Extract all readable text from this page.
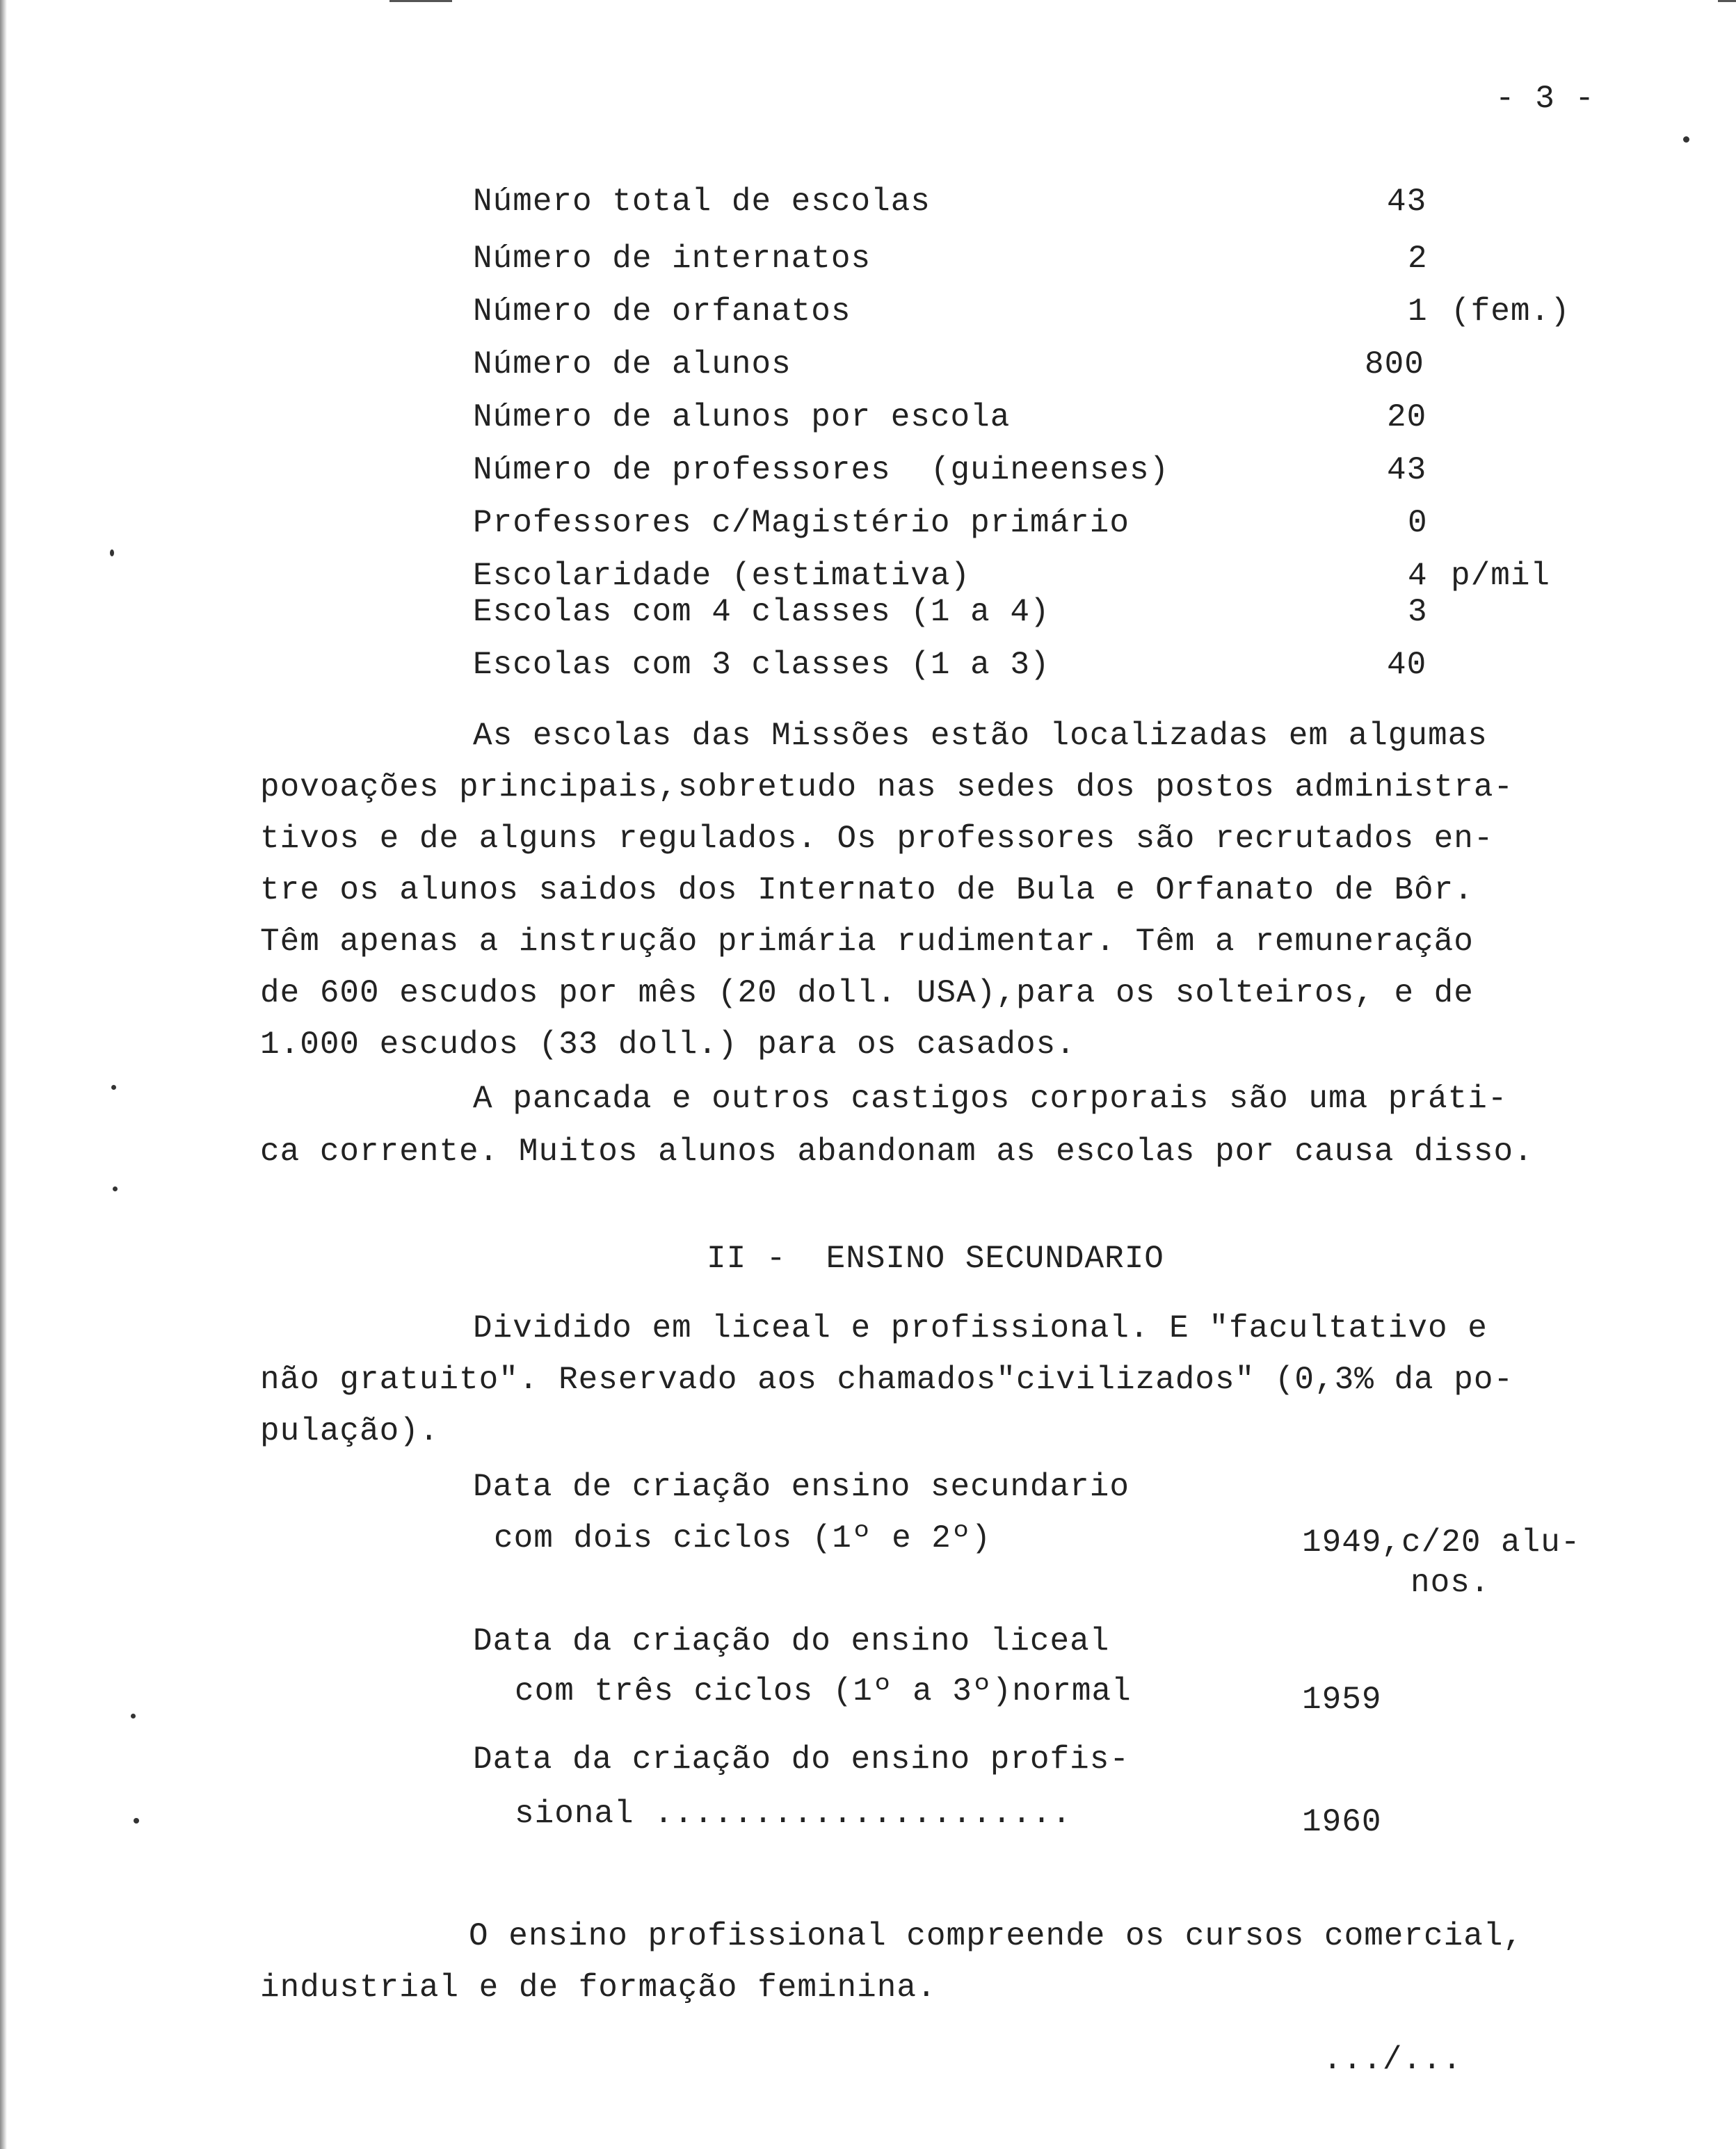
- 3 -
Número total de escolas	43
Número de internatos	2
Número de orfanatos	1 (fem.)
Número de alunos	800
Número de alunos por escola	20
Número de professores  (guineenses)	43
Professores c/Magistério primário	0
Escolaridade (estimativa)	4 p/mil
Escolas com 4 classes (1 a 4)	3
Escolas com 3 classes (1 a 3)	40
As escolas das Missões estão localizadas em algumas
povoações principais,sobretudo nas sedes dos postos administra-
tivos e de alguns regulados. Os professores são recrutados en-
tre os alunos saidos dos Internato de Bula e Orfanato de Bôr.
Têm apenas a instrução primária rudimentar. Têm a remuneração
de 600 escudos por mês (20 doll. USA),para os solteiros, e de
1.000 escudos (33 doll.) para os casados.
A pancada e outros castigos corporais são uma práti-
ca corrente. Muitos alunos abandonam as escolas por causa disso.
II -  ENSINO SECUNDARIO
Dividido em liceal e profissional. E "facultativo e
não gratuito". Reservado aos chamados"civilizados" (0,3% da po-
pulação).
Data de criação ensino secundario
com dois ciclos (1º e 2º)	1949,c/20 alu-
nos.
Data da criação do ensino liceal
com três ciclos (1º a 3º)normal	1959
Data da criação do ensino profis-
sional .....................	1960
O ensino profissional compreende os cursos comercial,
industrial e de formação feminina.
.../...
